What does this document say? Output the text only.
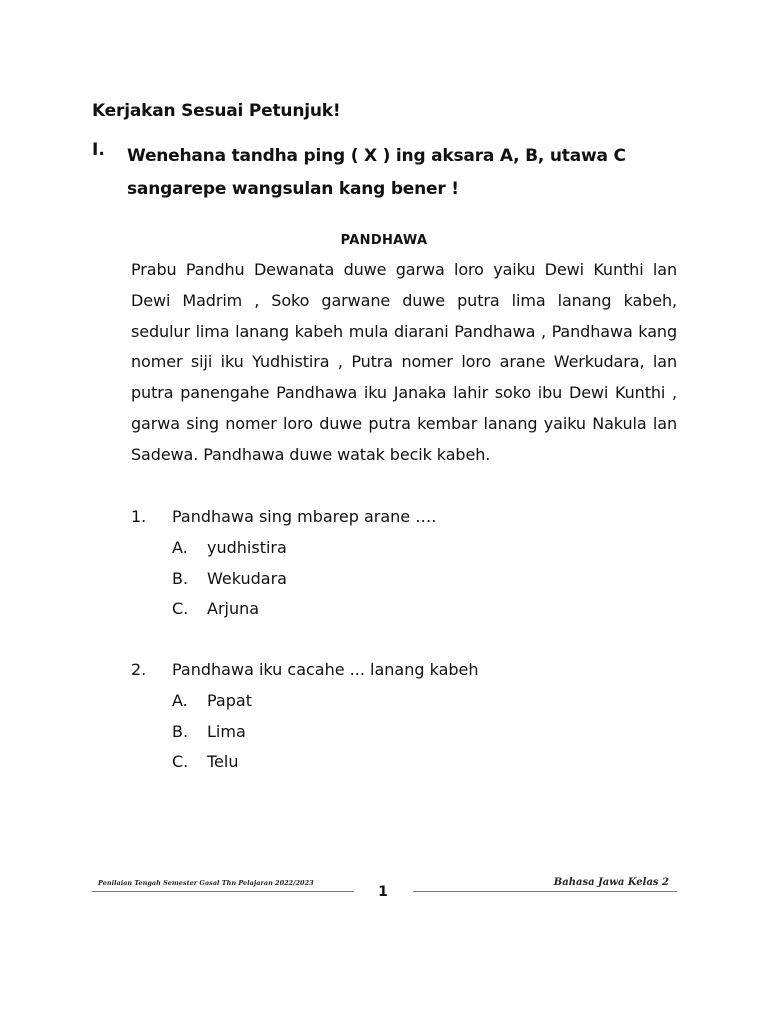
Kerjakan Sesuai Petunjuk!
I. Wenehana tandha ping ( X ) ing aksara A, B, utawa C sangarepe wangsulan kang bener !

PANDHAWA

Prabu Pandhu Dewanata duwe garwa loro yaiku Dewi Kunthi lan Dewi Madrim , Soko garwane duwe putra lima lanang kabeh, sedulur lima lanang kabeh mula diarani Pandhawa , Pandhawa kang nomer siji iku Yudhistira , Putra nomer loro arane Werkudara, lan putra panengahe Pandhawa iku Janaka lahir soko ibu Dewi Kunthi , garwa sing nomer loro duwe putra kembar lanang yaiku Nakula lan Sadewa. Pandhawa duwe watak becik kabeh.

1. Pandhawa sing mbarep arane ….
A. yudhistira
B. Wekudara
C. Arjuna
2. Pandhawa iku cacahe ... lanang kabeh
A. Papat
B. Lima
C. Telu
Penilaian Tengah Semester Gasal Thn Pelajaran 2022/2023
1
Bahasa Jawa Kelas 2
